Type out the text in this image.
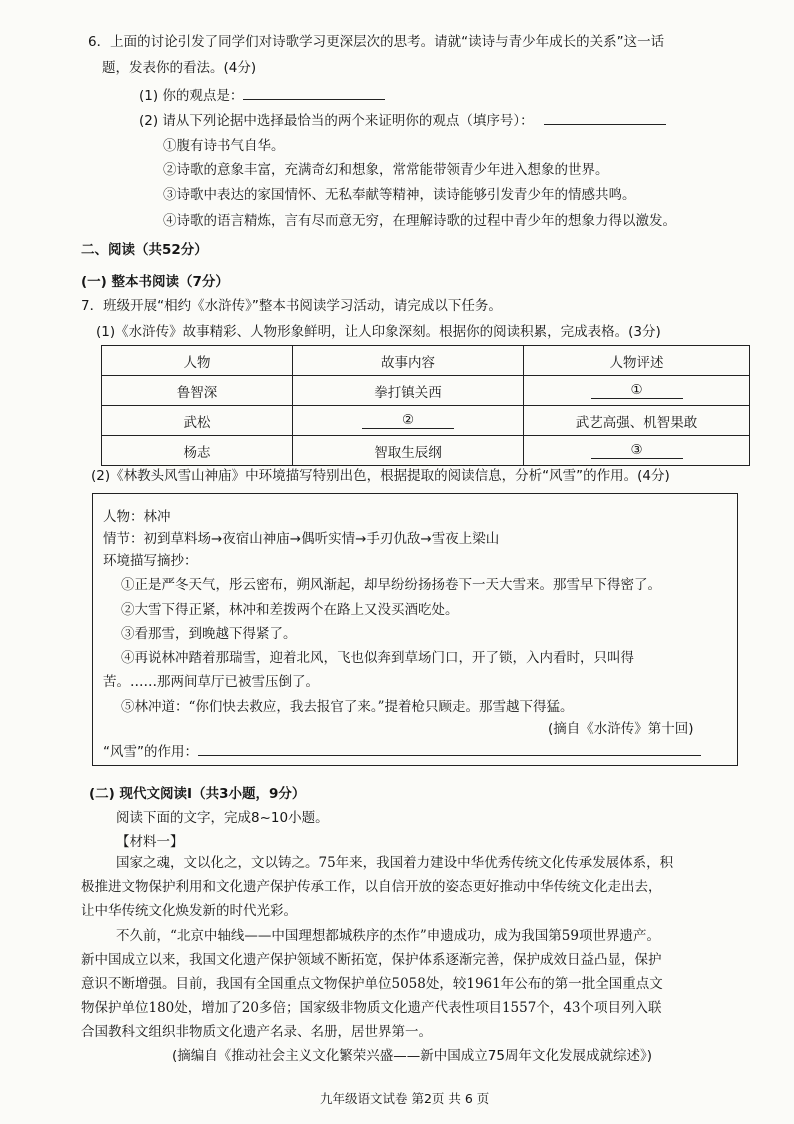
6．上面的讨论引发了同学们对诗歌学习更深层次的思考。请就“读诗与青少年成长的关系”这一话
题，发表你的看法。(4分)
(1) 你的观点是：
(2) 请从下列论据中选择最恰当的两个来证明你的观点（填序号）：
①腹有诗书气自华。
②诗歌的意象丰富，充满奇幻和想象，常常能带领青少年进入想象的世界。
③诗歌中表达的家国情怀、无私奉献等精神，读诗能够引发青少年的情感共鸣。
④诗歌的语言精炼，言有尽而意无穷，在理解诗歌的过程中青少年的想象力得以激发。
二、阅读（共52分）
(一) 整本书阅读（7分）
7．班级开展“相约《水浒传》”整本书阅读学习活动，请完成以下任务。
(1)《水浒传》故事精彩、人物形象鲜明，让人印象深刻。根据你的阅读积累，完成表格。(3分)
人物	故事内容	人物评述
鲁智深	拳打镇关西	①
武松	②	武艺高强、机智果敢
杨志	智取生辰纲	③
(2)《林教头风雪山神庙》中环境描写特别出色，根据提取的阅读信息，分析“风雪”的作用。(4分)
人物：林冲
情节：初到草料场→夜宿山神庙→偶听实情→手刃仇敌→雪夜上梁山
环境描写摘抄：
①正是严冬天气，彤云密布，朔风渐起，却早纷纷扬扬卷下一天大雪来。那雪早下得密了。
②大雪下得正紧，林冲和差拨两个在路上又没买酒吃处。
③看那雪，到晚越下得紧了。
④再说林冲踏着那瑞雪，迎着北风，飞也似奔到草场门口，开了锁，入内看时，只叫得
苦。……那两间草厅已被雪压倒了。
⑤林冲道：“你们快去救应，我去报官了来。”提着枪只顾走。那雪越下得猛。
(摘自《水浒传》第十回)
“风雪”的作用：
(二) 现代文阅读Ⅰ（共3小题，9分）
阅读下面的文字，完成8~10小题。
【材料一】
国家之魂，文以化之，文以铸之。75年来，我国着力建设中华优秀传统文化传承发展体系，积
极推进文物保护利用和文化遗产保护传承工作，以自信开放的姿态更好推动中华传统文化走出去，
让中华传统文化焕发新的时代光彩。
不久前，“北京中轴线——中国理想都城秩序的杰作”申遗成功，成为我国第59项世界遗产。
新中国成立以来，我国文化遗产保护领域不断拓宽，保护体系逐渐完善，保护成效日益凸显，保护
意识不断增强。目前，我国有全国重点文物保护单位5058处，较1961年公布的第一批全国重点文
物保护单位180处，增加了20多倍；国家级非物质文化遗产代表性项目1557个，43个项目列入联
合国教科文组织非物质文化遗产名录、名册，居世界第一。
(摘编自《推动社会主义文化繁荣兴盛——新中国成立75周年文化发展成就综述》)
九年级语文试卷 第2页 共 6 页
